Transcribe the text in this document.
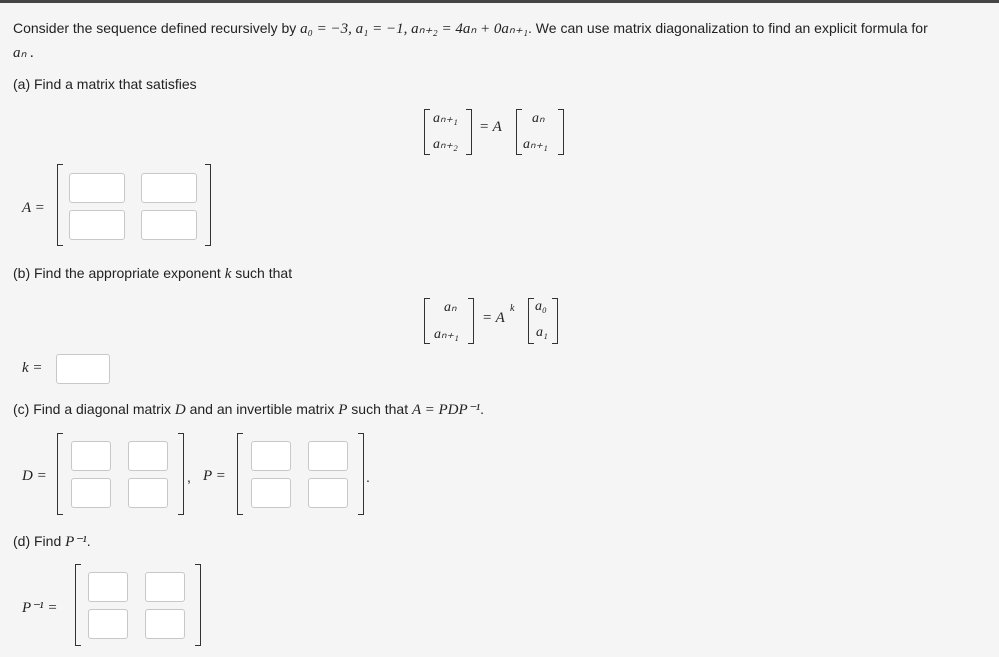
Consider the sequence defined recursively by a₀ = −3, a₁ = −1, aₙ₊₂ = 4aₙ + 0aₙ₊₁. We can use matrix diagonalization to find an explicit formula for
aₙ .
(a) Find a matrix that satisfies
aₙ₊₁
aₙ₊₂
= A
aₙ
aₙ₊₁
A =
(b) Find the appropriate exponent k such that
aₙ
aₙ₊₁
= A
k a₀
a₁
k =
(c) Find a diagonal matrix D and an invertible matrix P such that A = PDP⁻¹.
D =	, P =	.
(d) Find P⁻¹.
P⁻¹ =
